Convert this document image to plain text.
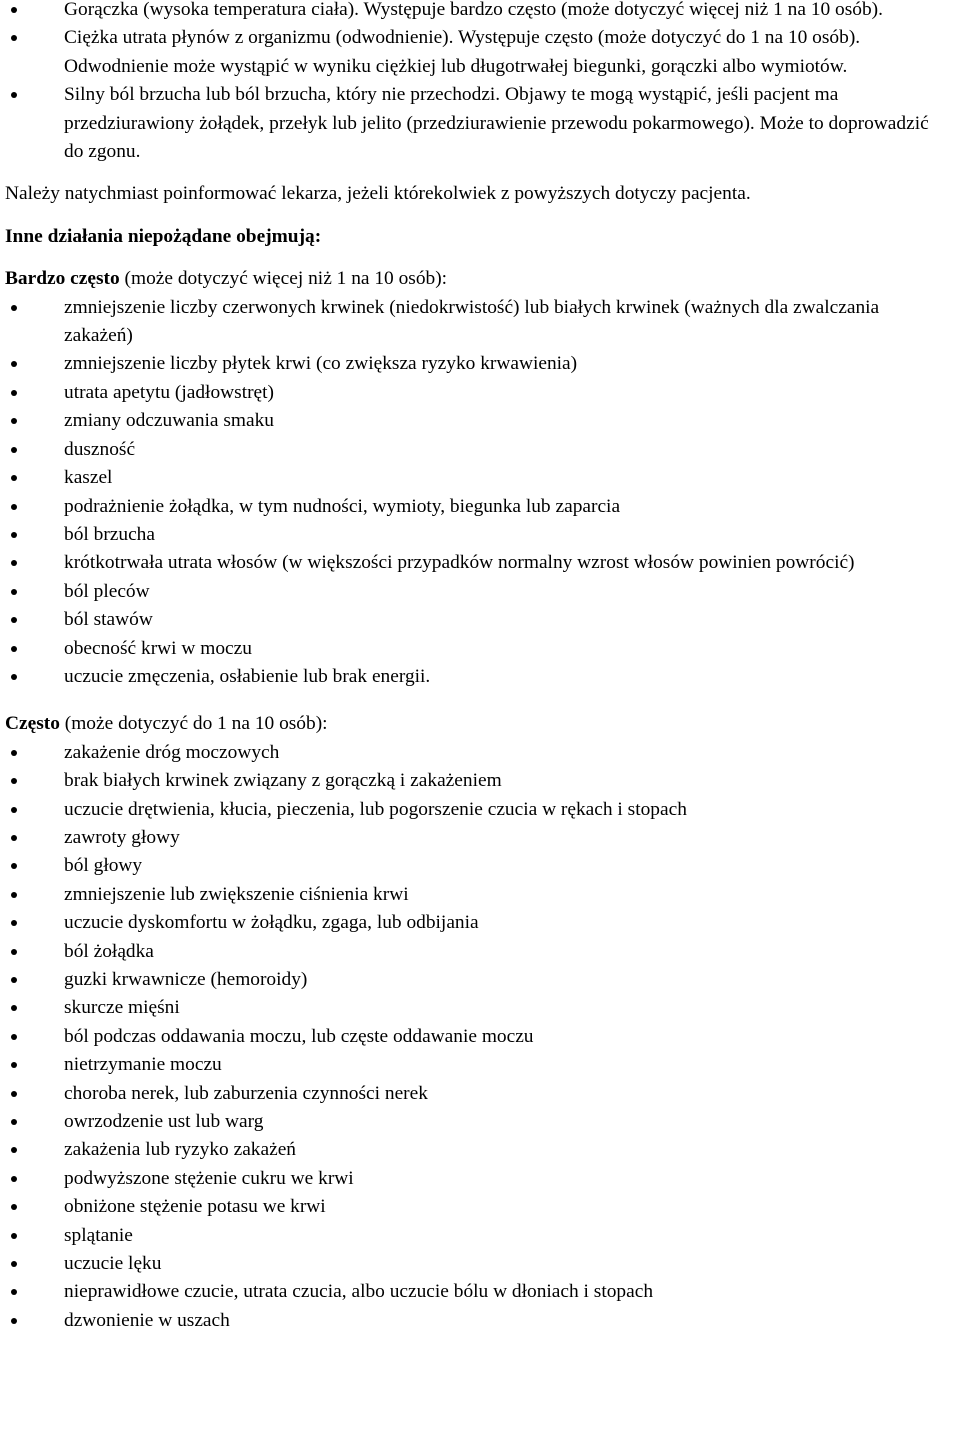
Gorączka (wysoka temperatura ciała). Występuje bardzo często (może dotyczyć więcej niż 1 na 10 osób).
Ciężka utrata płynów z organizmu (odwodnienie). Występuje często (może dotyczyć do 1 na 10 osób). Odwodnienie może wystąpić w wyniku ciężkiej lub długotrwałej biegunki, gorączki albo wymiotów.
Silny ból brzucha lub ból brzucha, który nie przechodzi. Objawy te mogą wystąpić, jeśli pacjent ma przedziurawiony żołądek, przełyk lub jelito (przedziurawienie przewodu pokarmowego). Może to doprowadzić do zgonu.

Należy natychmiast poinformować lekarza, jeżeli którekolwiek z powyższych dotyczy pacjenta.

Inne działania niepożądane obejmują:

Bardzo często (może dotyczyć więcej niż 1 na 10 osób):

zmniejszenie liczby czerwonych krwinek (niedokrwistość) lub białych krwinek (ważnych dla zwalczania zakażeń)
zmniejszenie liczby płytek krwi (co zwiększa ryzyko krwawienia)
utrata apetytu (jadłowstręt)
zmiany odczuwania smaku
duszność
kaszel
podrażnienie żołądka, w tym nudności, wymioty, biegunka lub zaparcia
ból brzucha
krótkotrwała utrata włosów (w większości przypadków normalny wzrost włosów powinien powrócić)
ból pleców
ból stawów
obecność krwi w moczu
uczucie zmęczenia, osłabienie lub brak energii.

Często (może dotyczyć do 1 na 10 osób):

zakażenie dróg moczowych
brak białych krwinek związany z gorączką i zakażeniem
uczucie drętwienia, kłucia, pieczenia, lub pogorszenie czucia w rękach i stopach
zawroty głowy
ból głowy
zmniejszenie lub zwiększenie ciśnienia krwi
uczucie dyskomfortu w żołądku, zgaga, lub odbijania
ból żołądka
guzki krwawnicze (hemoroidy)
skurcze mięśni
ból podczas oddawania moczu, lub częste oddawanie moczu
nietrzymanie moczu
choroba nerek, lub zaburzenia czynności nerek
owrzodzenie ust lub warg
zakażenia lub ryzyko zakażeń
podwyższone stężenie cukru we krwi
obniżone stężenie potasu we krwi
splątanie
uczucie lęku
nieprawidłowe czucie, utrata czucia, albo uczucie bólu w dłoniach i stopach
dzwonienie w uszach
